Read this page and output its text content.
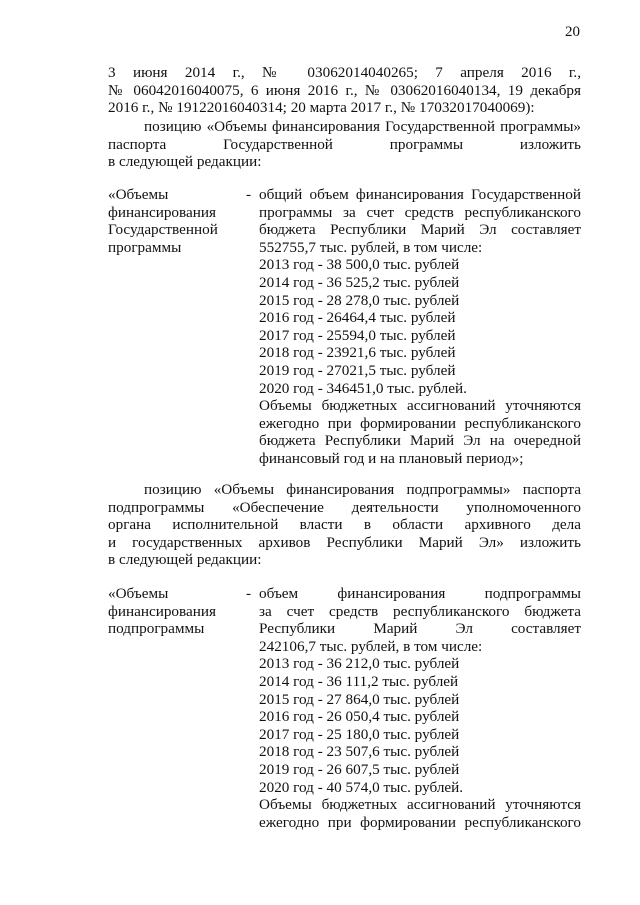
20
3 июня 2014 г., № 03062014040265; 7 апреля 2016 г.,
№ 06042016040075, 6 июня 2016 г., № 03062016040134, 19 декабря
2016 г., № 19122016040314; 20 марта 2017 г., № 17032017040069):
позицию «Объемы финансирования Государственной программы»
паспорта Государственной программы изложить
в следующей редакции:
«Объемы
финансирования
Государственной
программы
- общий объем финансирования Государственной
программы за счет средств республиканского
бюджета Республики Марий Эл составляет
552755,7 тыс. рублей, в том числе:
2013 год - 38 500,0 тыс. рублей
2014 год - 36 525,2 тыс. рублей
2015 год - 28 278,0 тыс. рублей
2016 год - 26464,4 тыс. рублей
2017 год - 25594,0 тыс. рублей
2018 год - 23921,6 тыс. рублей
2019 год - 27021,5 тыс. рублей
2020 год - 346451,0 тыс. рублей.
Объемы бюджетных ассигнований уточняются
ежегодно при формировании республиканского
бюджета Республики Марий Эл на очередной
финансовый год и на плановый период»;
позицию «Объемы финансирования подпрограммы» паспорта
подпрограммы «Обеспечение деятельности уполномоченного
органа исполнительной власти в области архивного дела
и государственных архивов Республики Марий Эл» изложить
в следующей редакции:
«Объемы
финансирования
подпрограммы
- объем финансирования подпрограммы
за счет средств республиканского бюджета
Республики Марий Эл составляет
242106,7 тыс. рублей, в том числе:
2013 год - 36 212,0 тыс. рублей
2014 год - 36 111,2 тыс. рублей
2015 год - 27 864,0 тыс. рублей
2016 год - 26 050,4 тыс. рублей
2017 год - 25 180,0 тыс. рублей
2018 год - 23 507,6 тыс. рублей
2019 год - 26 607,5 тыс. рублей
2020 год - 40 574,0 тыс. рублей.
Объемы бюджетных ассигнований уточняются
ежегодно при формировании республиканского
